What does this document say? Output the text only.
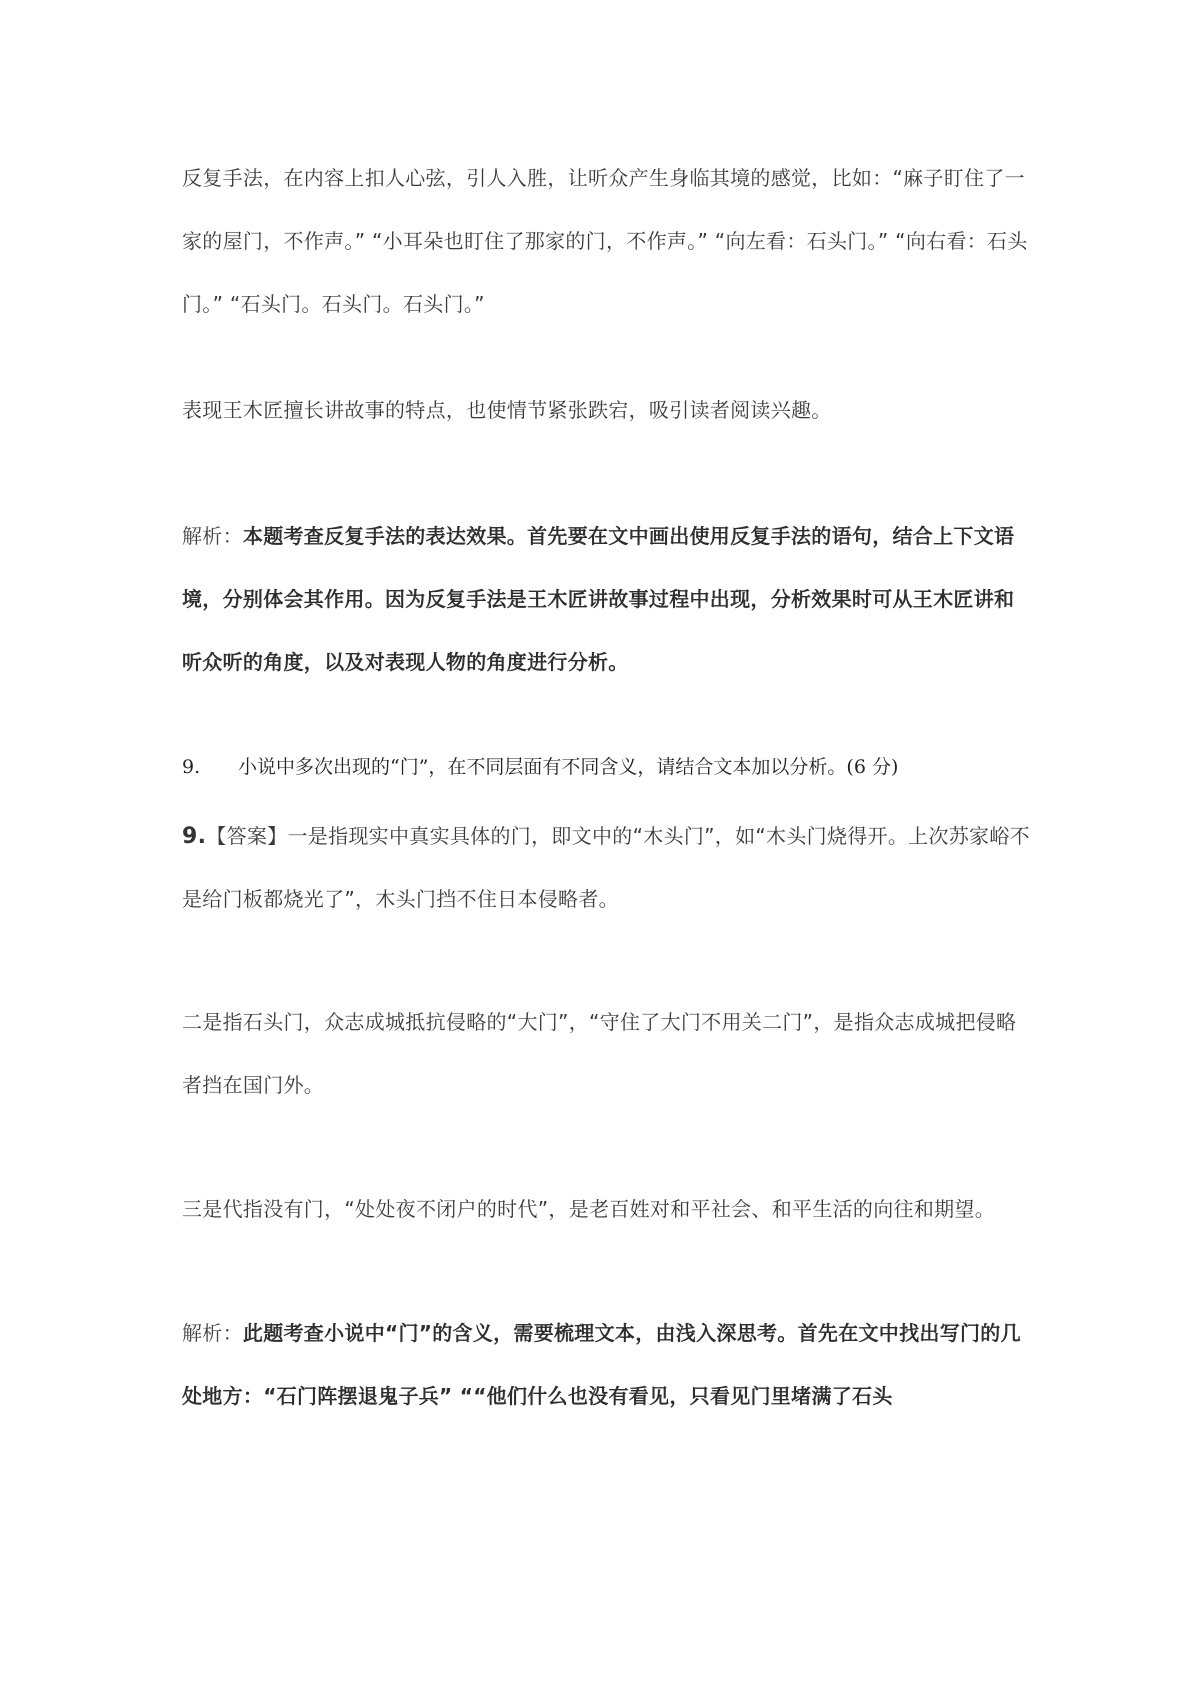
反复手法，在内容上扣人心弦，引人入胜，让听众产生身临其境的感觉，比如：“麻子盯住了一家的屋门，不作声。” “小耳朵也盯住了那家的门，不作声。” “向左看：石头门。” “向右看：石头门。” “石头门。石头门。石头门。”

表现王木匠擅长讲故事的特点，也使情节紧张跌宕，吸引读者阅读兴趣。

解析：本题考查反复手法的表达效果。首先要在文中画出使用反复手法的语句，结合上下文语境，分别体会其作用。因为反复手法是王木匠讲故事过程中出现，分析效果时可从王木匠讲和听众听的角度，以及对表现人物的角度进行分析。

9. 小说中多次出现的“门”，在不同层面有不同含义，请结合文本加以分析。(6 分)

9.【答案】一是指现实中真实具体的门，即文中的“木头门”，如“木头门烧得开。上次苏家峪不是给门板都烧光了”，木头门挡不住日本侵略者。

二是指石头门，众志成城抵抗侵略的“大门”，“守住了大门不用关二门”，是指众志成城把侵略者挡在国门外。

三是代指没有门，“处处夜不闭户的时代”，是老百姓对和平社会、和平生活的向往和期望。

解析：此题考查小说中“门”的含义，需要梳理文本，由浅入深思考。首先在文中找出写门的几处地方：“石门阵摆退鬼子兵” ““他们什么也没有看见，只看见门里堵满了石头
